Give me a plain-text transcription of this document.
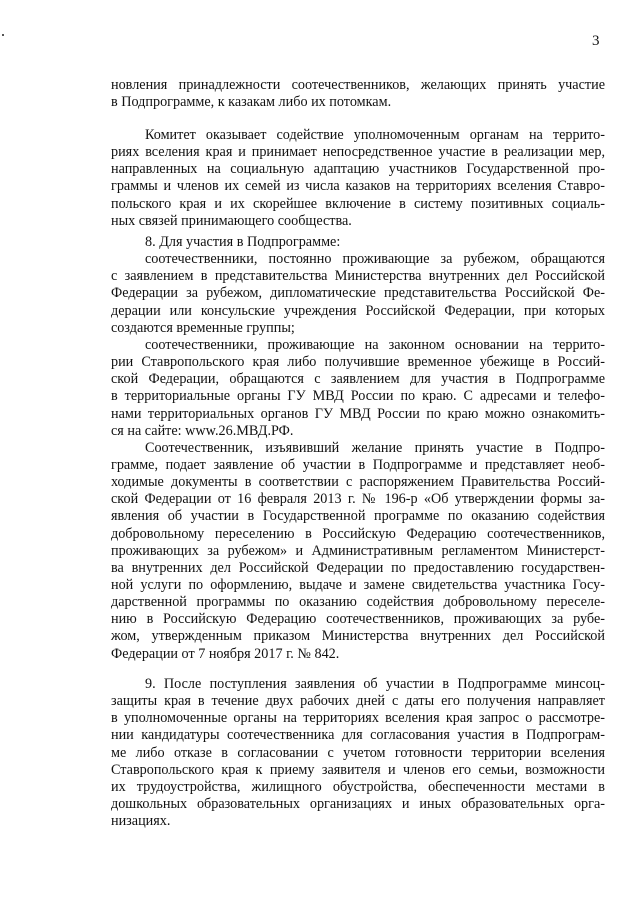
3
новления принадлежности соотечественников, желающих принять участие
в Подпрограмме, к казакам либо их потомкам.
Комитет оказывает содействие уполномоченным органам на террито-
риях вселения края и принимает непосредственное участие в реализации мер,
направленных на социальную адаптацию участников Государственной про-
граммы и членов их семей из числа казаков на территориях вселения Ставро-
польского края и их скорейшее включение в систему позитивных социаль-
ных связей принимающего сообщества.
8. Для участия в Подпрограмме:
соотечественники, постоянно проживающие за рубежом, обращаются
с заявлением в представительства Министерства внутренних дел Российской
Федерации за рубежом, дипломатические представительства Российской Фе-
дерации или консульские учреждения Российской Федерации, при которых
создаются временные группы;
соотечественники, проживающие на законном основании на террито-
рии Ставропольского края либо получившие временное убежище в Россий-
ской Федерации, обращаются с заявлением для участия в Подпрограмме
в территориальные органы ГУ МВД России по краю. С адресами и телефо-
нами территориальных органов ГУ МВД России по краю можно ознакомить-
ся на сайте: www.26.МВД.РФ.
Соотечественник, изъявивший желание принять участие в Подпро-
грамме, подает заявление об участии в Подпрограмме и представляет необ-
ходимые документы в соответствии с распоряжением Правительства Россий-
ской Федерации от 16 февраля 2013 г. № 196-р «Об утверждении формы за-
явления об участии в Государственной программе по оказанию содействия
добровольному переселению в Российскую Федерацию соотечественников,
проживающих за рубежом» и Административным регламентом Министерст-
ва внутренних дел Российской Федерации по предоставлению государствен-
ной услуги по оформлению, выдаче и замене свидетельства участника Госу-
дарственной программы по оказанию содействия добровольному переселе-
нию в Российскую Федерацию соотечественников, проживающих за рубе-
жом, утвержденным приказом Министерства внутренних дел Российской
Федерации от 7 ноября 2017 г. № 842.
9. После поступления заявления об участии в Подпрограмме минсоц-
защиты края в течение двух рабочих дней с даты его получения направляет
в уполномоченные органы на территориях вселения края запрос о рассмотре-
нии кандидатуры соотечественника для согласования участия в Подпрограм-
ме либо отказе в согласовании с учетом готовности территории вселения
Ставропольского края к приему заявителя и членов его семьи, возможности
их трудоустройства, жилищного обустройства, обеспеченности местами в
дошкольных образовательных организациях и иных образовательных орга-
низациях.
